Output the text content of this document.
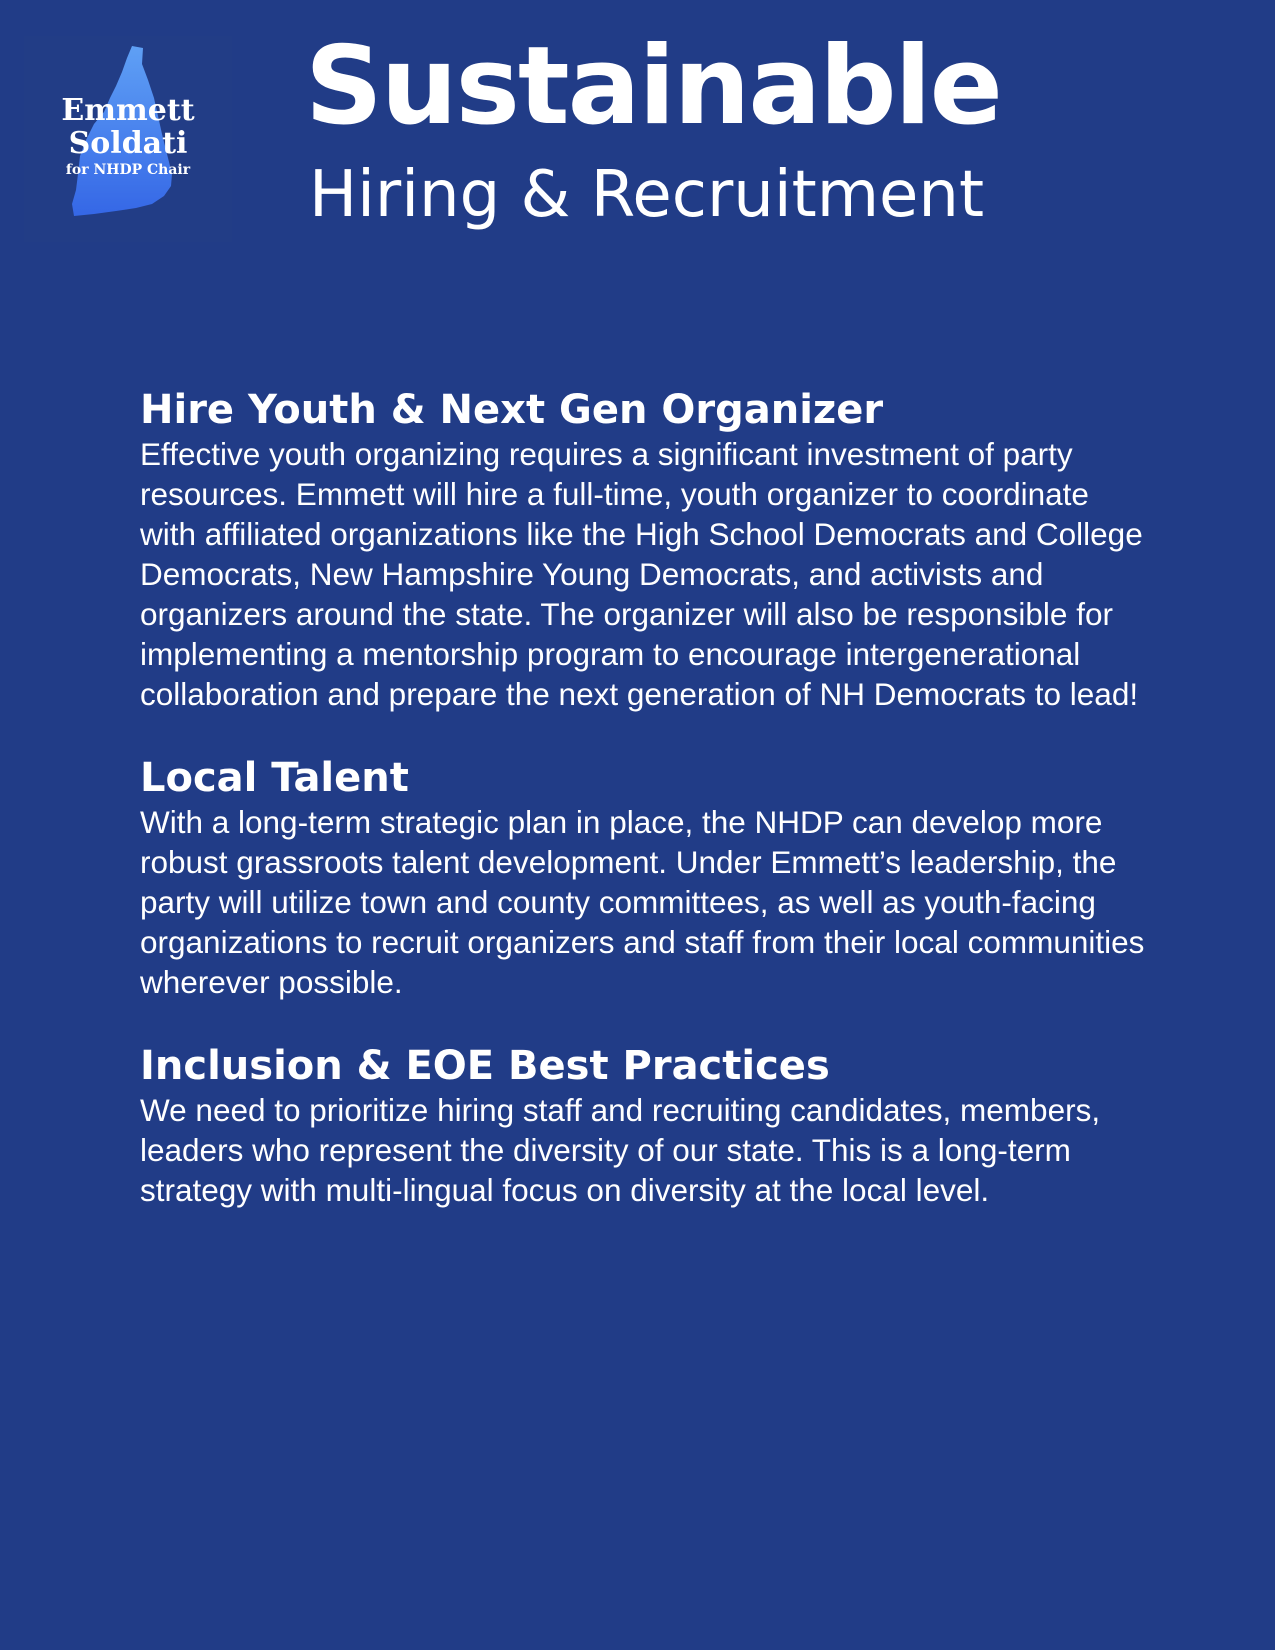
Emmett
Soldati
for NHDP Chair
Sustainable
Hiring & Recruitment
Hire Youth & Next Gen Organizer

Effective youth organizing requires a significant investment of party resources. Emmett will hire a full-time, youth organizer to coordinate with affiliated organizations like the High School Democrats and College Democrats, New Hampshire Young Democrats, and activists and organizers around the state. The organizer will also be responsible for implementing a mentorship program to encourage intergenerational collaboration and prepare the next generation of NH Democrats to lead!

Local Talent

With a long-term strategic plan in place, the NHDP can develop more robust grassroots talent development. Under Emmett’s leadership, the party will utilize town and county committees, as well as youth-facing organizations to recruit organizers and staff from their local communities wherever possible.

Inclusion & EOE Best Practices

We need to prioritize hiring staff and recruiting candidates, members, leaders who represent the diversity of our state. This is a long-term strategy with multi-lingual focus on diversity at the local level.
